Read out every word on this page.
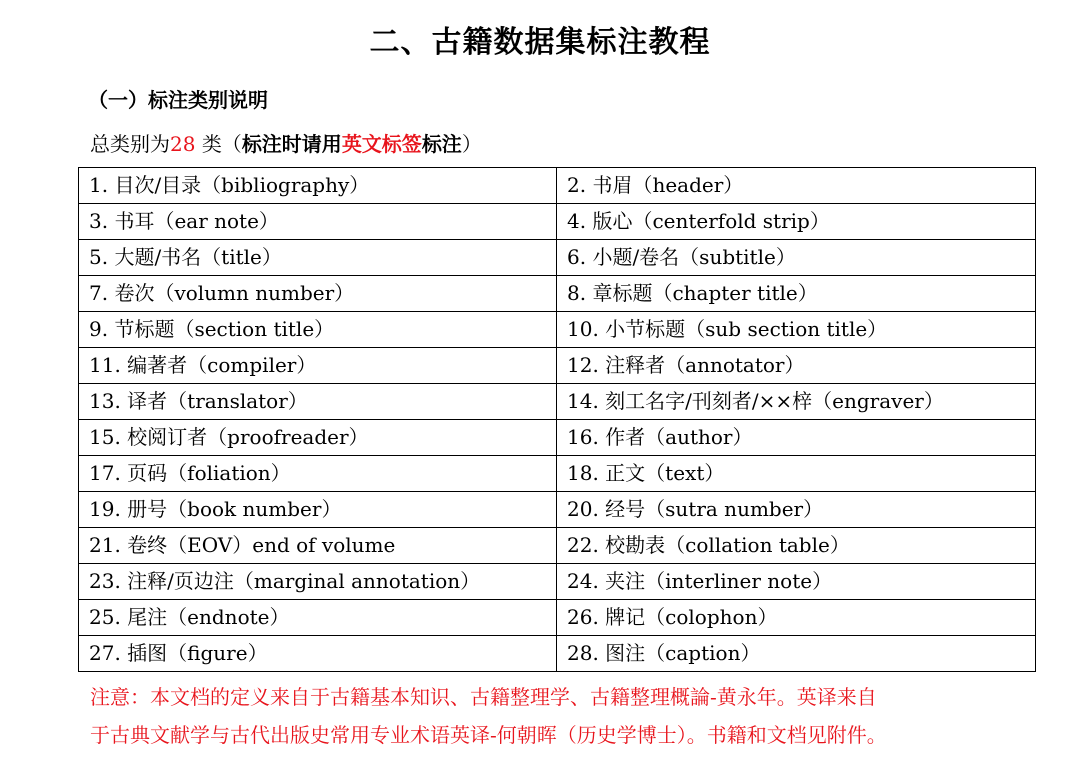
二、古籍数据集标注教程
（一）标注类别说明
总类别为28 类（标注时请用英文标签标注）
1. 目次/目录（bibliography）	2. 书眉（header）
3. 书耳（ear note）	4. 版心（centerfold strip）
5. 大题/书名（title）	6. 小题/卷名（subtitle）
7. 卷次（volumn number）	8. 章标题（chapter title）
9. 节标题（section title）	10. 小节标题（sub section title）
11. 编著者（compiler）	12. 注释者（annotator）
13. 译者（translator）	14. 刻工名字/刊刻者/××梓（engraver）
15. 校阅订者（proofreader）	16. 作者（author）
17. 页码（foliation）	18. 正文（text）
19. 册号（book number）	20. 经号（sutra number）
21. 卷终（EOV）end of volume	22. 校勘表（collation table）
23. 注释/页边注（marginal annotation）	24. 夹注（interliner note）
25. 尾注（endnote）	26. 牌记（colophon）
27. 插图（figure）	28. 图注（caption）

注意：本文档的定义来自于古籍基本知识、古籍整理学、古籍整理概論-黄永年。英译来自

于古典文献学与古代出版史常用专业术语英译-何朝晖（历史学博士）。书籍和文档见附件。
